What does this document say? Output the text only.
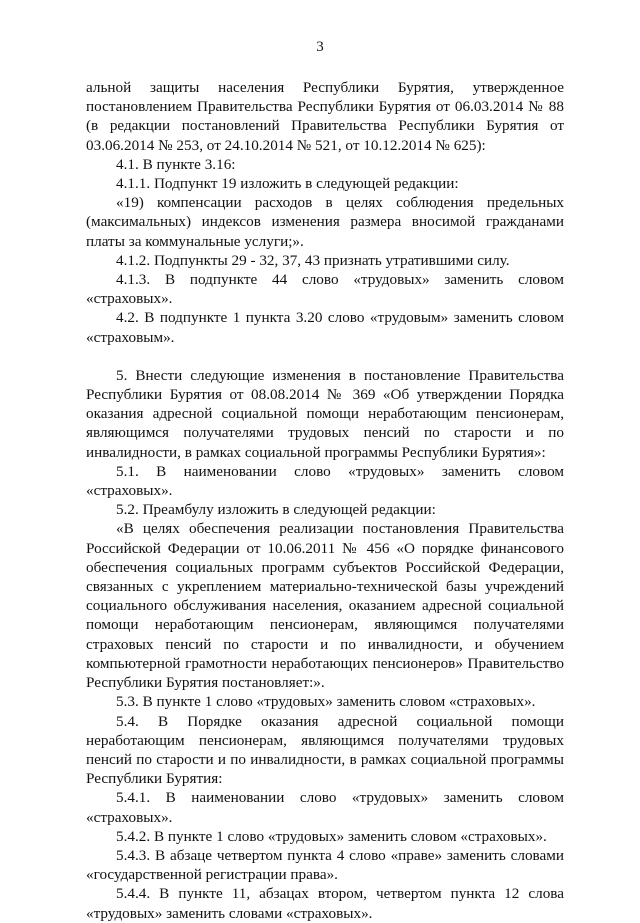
3

альной защиты населения Республики Бурятия, утвержденное постановлением Правительства Республики Бурятия от 06.03.2014 № 88 (в редакции постановлений Правительства Республики Бурятия от 03.06.2014 № 253, от 24.10.2014 № 521, от 10.12.2014 № 625):

4.1. В пункте 3.16:

4.1.1. Подпункт 19 изложить в следующей редакции:

«19) компенсации расходов в целях соблюдения предельных (максимальных) индексов изменения размера вносимой гражданами платы за коммунальные услуги;».

4.1.2. Подпункты 29 - 32, 37, 43 признать утратившими силу.

4.1.3. В подпункте 44 слово «трудовых» заменить словом «страховых».

4.2. В подпункте 1 пункта 3.20 слово «трудовым» заменить словом «страховым».

5. Внести следующие изменения в постановление Правительства Республики Бурятия от 08.08.2014 № 369 «Об утверждении Порядка оказания адресной социальной помощи неработающим пенсионерам, являющимся получателями трудовых пенсий по старости и по инвалидности, в рамках социальной программы Республики Бурятия»:

5.1. В наименовании слово «трудовых» заменить словом «страховых».

5.2. Преамбулу изложить в следующей редакции:

«В целях обеспечения реализации постановления Правительства Российской Федерации от 10.06.2011 № 456 «О порядке финансового обеспечения социальных программ субъектов Российской Федерации, связанных с укреплением материально-технической базы учреждений социального обслуживания населения, оказанием адресной социальной помощи неработающим пенсионерам, являющимся получателями страховых пенсий по старости и по инвалидности, и обучением компьютерной грамотности неработающих пенсионеров» Правительство Республики Бурятия постановляет:».

5.3. В пункте 1 слово «трудовых» заменить словом «страховых».

5.4. В Порядке оказания адресной социальной помощи неработающим пенсионерам, являющимся получателями трудовых пенсий по старости и по инвалидности, в рамках социальной программы Республики Бурятия:

5.4.1. В наименовании слово «трудовых» заменить словом «страховых».

5.4.2. В пункте 1 слово «трудовых» заменить словом «страховых».

5.4.3. В абзаце четвертом пункта 4 слово «праве» заменить словами «государственной регистрации права».

5.4.4. В пункте 11, абзацах втором, четвертом пункта 12 слова «трудовых» заменить словами «страховых».
